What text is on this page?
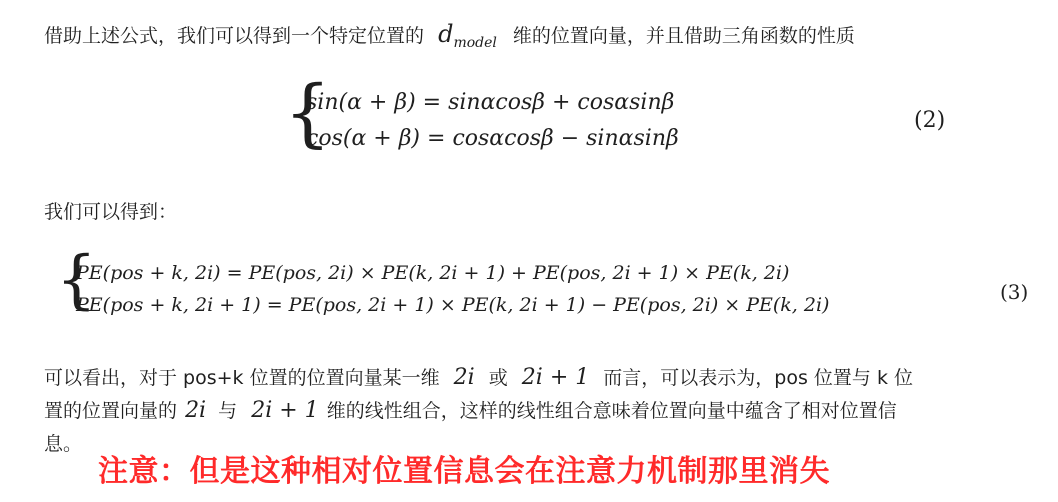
借助上述公式，我们可以得到一个特定位置的 $d_{model}$ 维的位置向量，并且借助三角函数的性质
{
sin(α + β) = sinαcosβ + cosαsinβ
cos(α + β) = cosαcosβ − sinαsinβ
(2)
我们可以得到：
{
PE(pos + k, 2i) = PE(pos, 2i) × PE(k, 2i + 1) + PE(pos, 2i + 1) × PE(k, 2i)
PE(pos + k, 2i + 1) = PE(pos, 2i + 1) × PE(k, 2i + 1) − PE(pos, 2i) × PE(k, 2i)
(3)
可以看出，对于 pos+k 位置的位置向量某一维 2i 或 2i + 1 而言，可以表示为，pos 位置与 k 位
置的位置向量的 2i 与 2i + 1 维的线性组合，这样的线性组合意味着位置向量中蕴含了相对位置信
息。
注意：但是这种相对位置信息会在注意力机制那里消失
